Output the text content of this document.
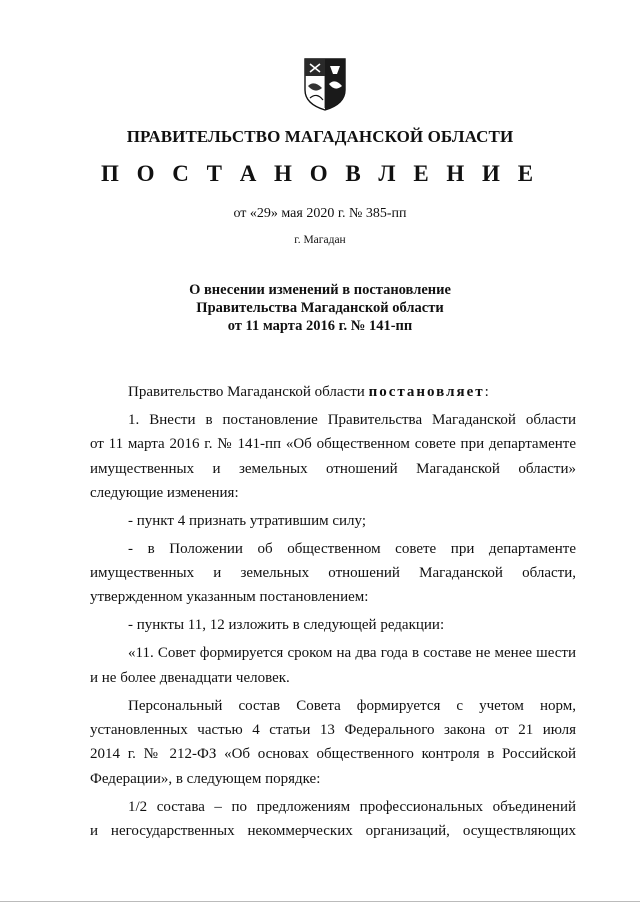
ПРАВИТЕЛЬСТВО МАГАДАНСКОЙ ОБЛАСТИ
П О С Т А Н О В Л Е Н И Е
от «29» мая 2020 г. № 385-пп
г. Магадан
О внесении изменений в постановление
Правительства Магаданской области
от 11 марта 2016 г. № 141-пп

Правительство Магаданской области постановляет:

1. Внести в постановление Правительства Магаданской области
от 11 марта 2016 г. № 141-пп «Об общественном совете при департаменте
имущественных и земельных отношений Магаданской области»
следующие изменения:

- пункт 4 признать утратившим силу;

- в Положении об общественном совете при департаменте
имущественных и земельных отношений Магаданской области,
утвержденном указанным постановлением:

- пункты 11, 12 изложить в следующей редакции:

«11. Совет формируется сроком на два года в составе не менее шести
и не более двенадцати человек.

Персональный состав Совета формируется с учетом норм,
установленных частью 4 статьи 13 Федерального закона от 21 июля
2014 г. № 212-ФЗ «Об основах общественного контроля в Российской
Федерации», в следующем порядке:

1/2 состава – по предложениям профессиональных объединений
и негосударственных некоммерческих организаций, осуществляющих
